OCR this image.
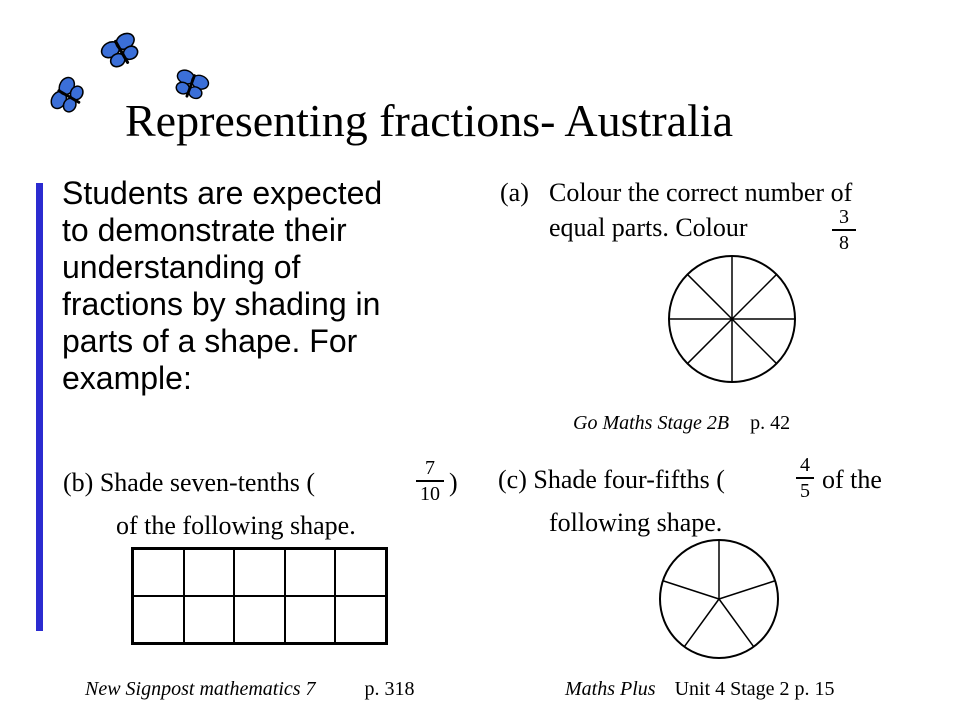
Representing fractions- Australia
Students are expected
to demonstrate their
understanding of
fractions by shading in
parts of a shape. For
example:
(a) Colour the correct number of
equal parts. Colour	3
8
Go Maths Stage 2B p. 42
(b) Shade seven-tenths (	7
10 )
of the following shape.
New Signpost mathematics 7 p. 318
(c) Shade four-fifths (	4
5 of the
following shape.
Maths Plus Unit 4 Stage 2 p. 15
